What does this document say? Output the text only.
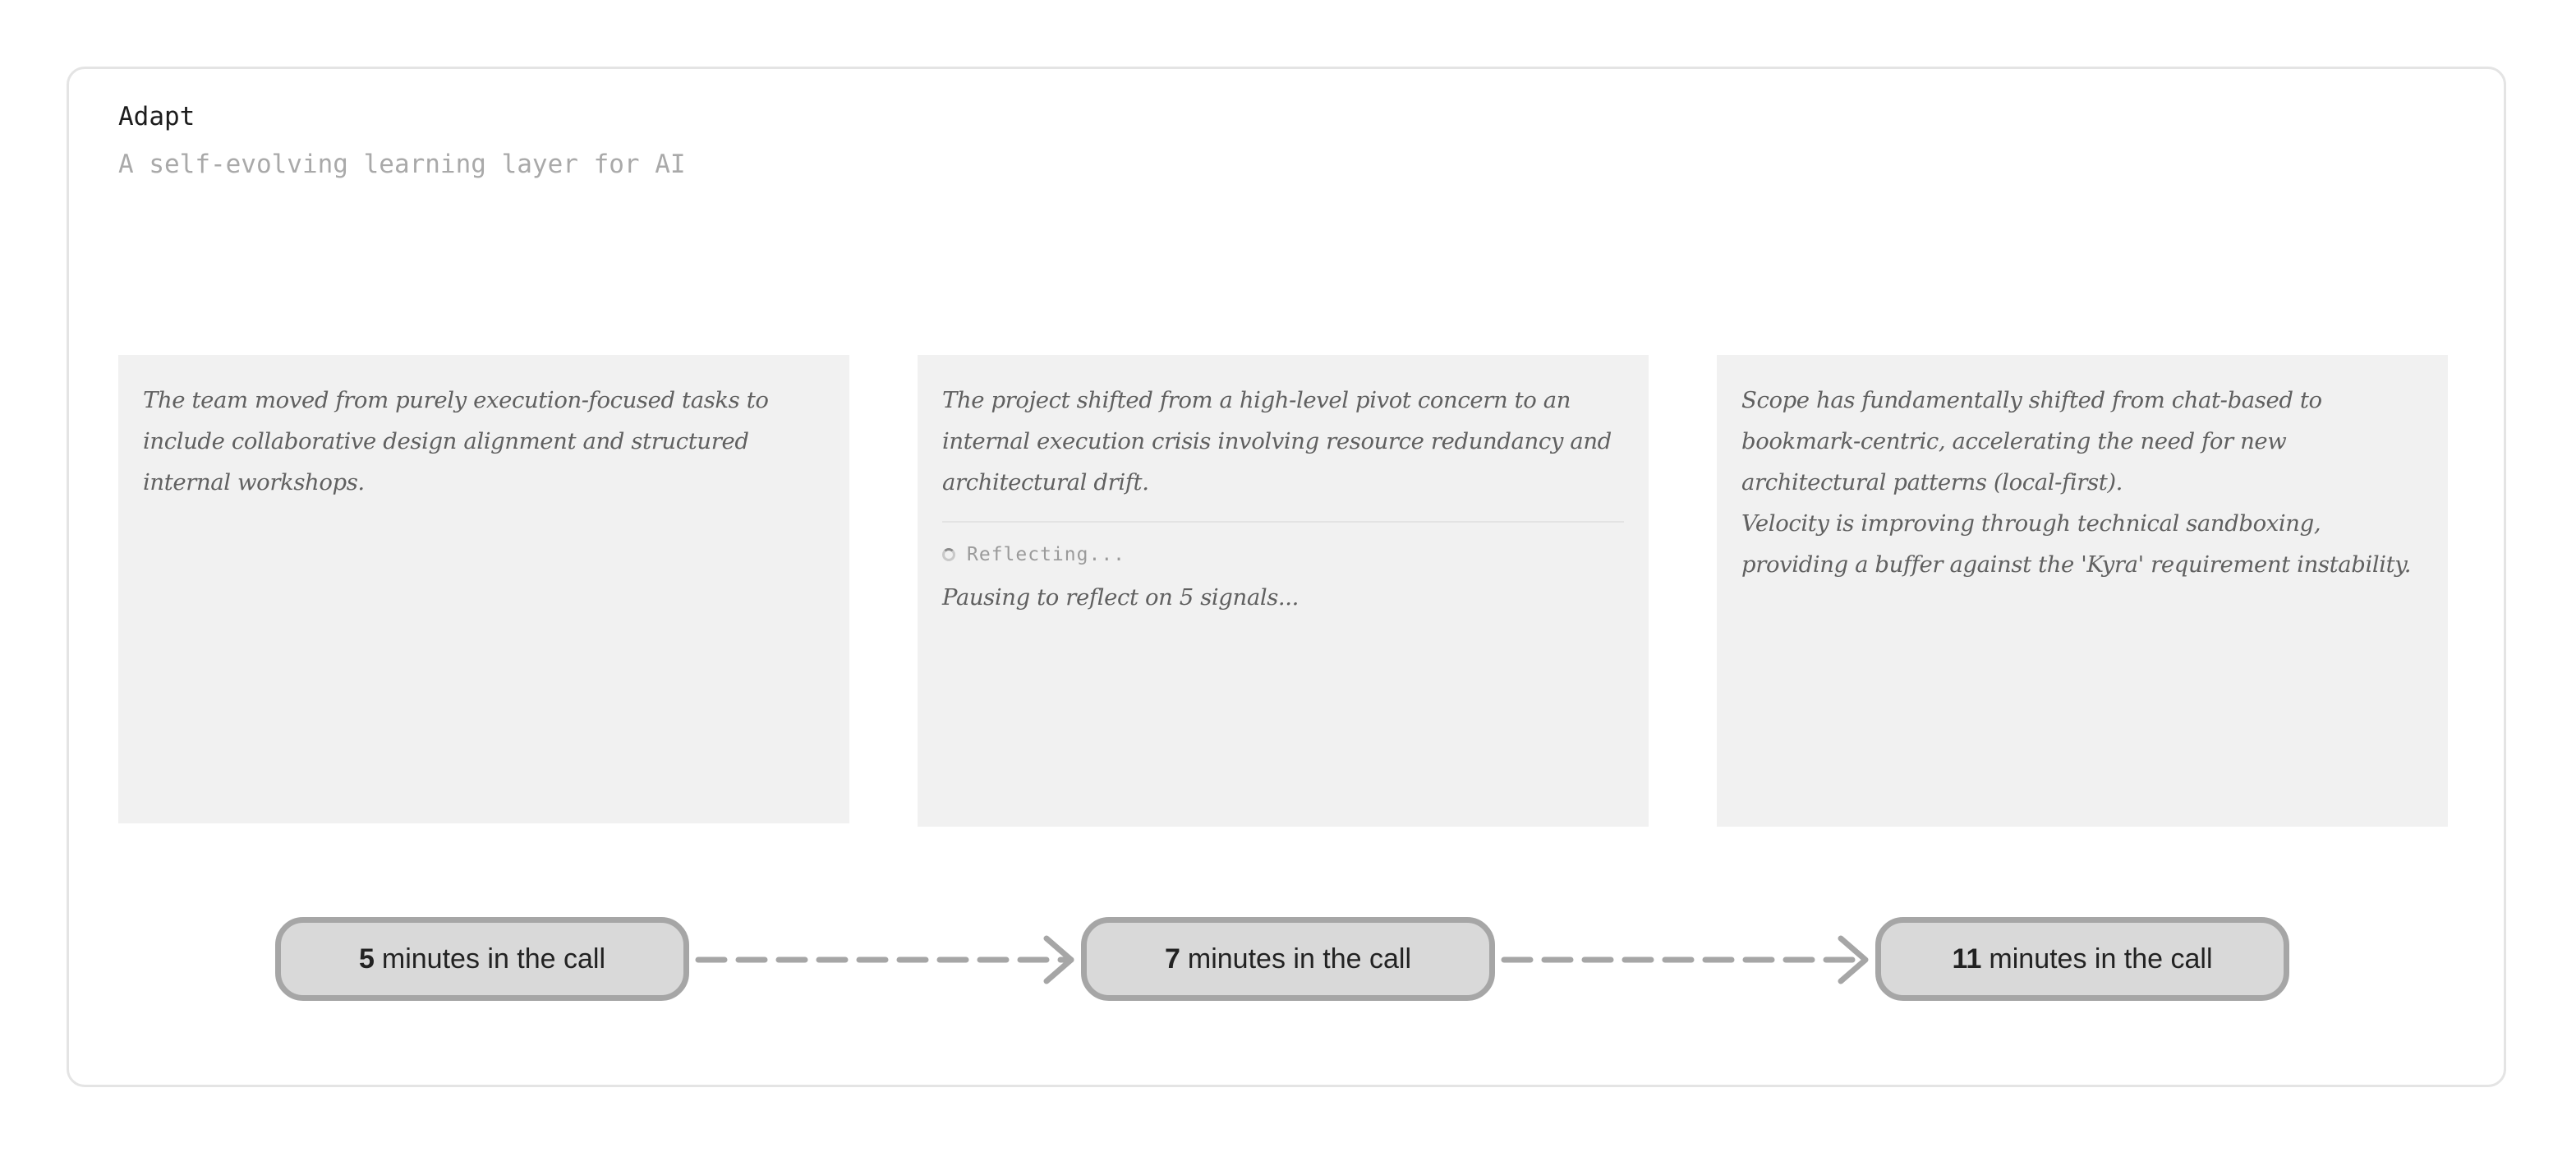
Adapt
A self-evolving learning layer for AI
The team moved from purely execution-focused tasks to
include collaborative design alignment and structured
internal workshops.
The project shifted from a high-level pivot concern to an
internal execution crisis involving resource redundancy and
architectural drift.
Reflecting...
Pausing to reflect on 5 signals...
Scope has fundamentally shifted from chat-based to
bookmark-centric, accelerating the need for new
architectural patterns (local-first).
Velocity is improving through technical sandboxing,
providing a buffer against the 'Kyra' requirement instability.
5 minutes in the call	7 minutes in the call	11 minutes in the call
